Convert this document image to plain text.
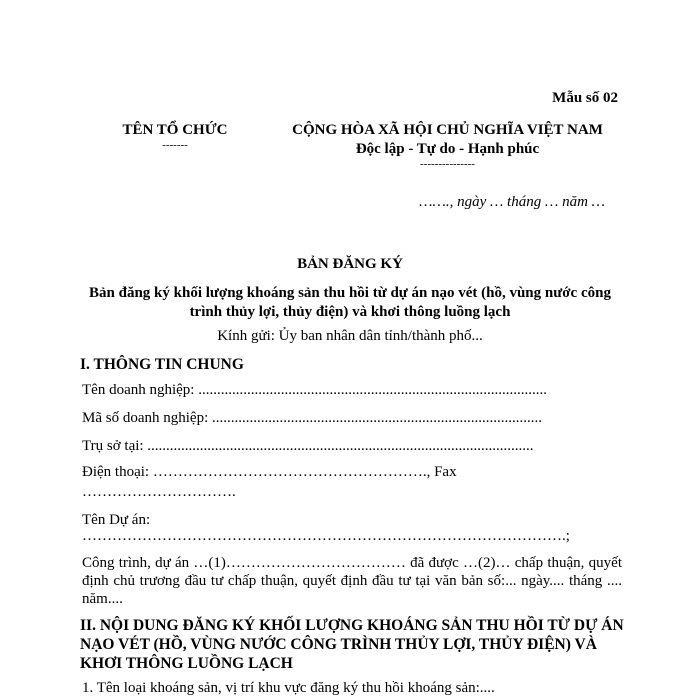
Mẫu số 02
TÊN TỔ CHỨC
-------
CỘNG HÒA XÃ HỘI CHỦ NGHĨA VIỆT NAM
Độc lập - Tự do - Hạnh phúc
---------------
……., ngày … tháng … năm …
BẢN ĐĂNG KÝ
Bản đăng ký khối lượng khoáng sản thu hồi từ dự án nạo vét (hồ, vùng nước công trình thủy lợi, thủy điện) và khơi thông luồng lạch
Kính gửi: Ủy ban nhân dân tỉnh/thành phố...
I. THÔNG TIN CHUNG
Tên doanh nghiệp: .............................................................................................
Mã số doanh nghiệp: ........................................................................................
Trụ sở tại: .......................................................................................................
Điện thoại: ………………………………………………., Fax
………………………….
Tên Dự án:
…………………………………………………………………………………….;
Công trình, dự án …(1)……………………………… đã được …(2)… chấp thuận, quyết định chủ trương đầu tư chấp thuận, quyết định đầu tư tại văn bản số:... ngày.... tháng .... năm....
II. NỘI DUNG ĐĂNG KÝ KHỐI LƯỢNG KHOÁNG SẢN THU HỒI TỪ DỰ ÁN NẠO VÉT (HỒ, VÙNG NƯỚC CÔNG TRÌNH THỦY LỢI, THỦY ĐIỆN) VÀ KHƠI THÔNG LUỒNG LẠCH
1. Tên loại khoáng sản, vị trí khu vực đăng ký thu hồi khoáng sản:....
